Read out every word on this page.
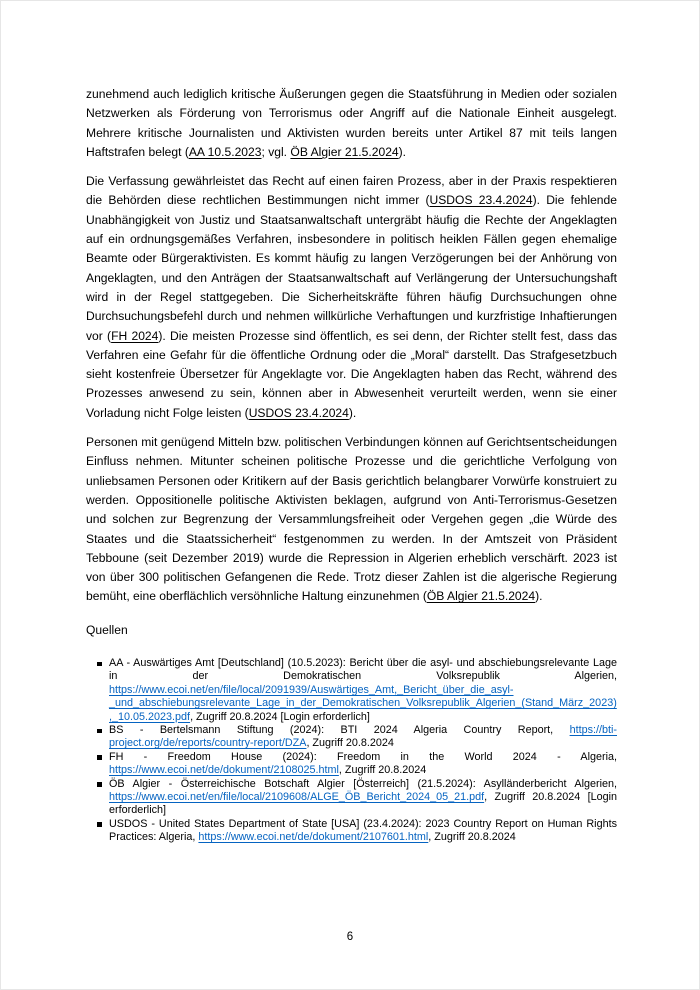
zunehmend auch lediglich kritische Äußerungen gegen die Staatsführung in Medien oder sozialen Netzwerken als Förderung von Terrorismus oder Angriff auf die Nationale Einheit ausgelegt. Mehrere kritische Journalisten und Aktivisten wurden bereits unter Artikel 87 mit teils langen Haftstrafen belegt (AA 10.5.2023; vgl. ÖB Algier 21.5.2024).

Die Verfassung gewährleistet das Recht auf einen fairen Prozess, aber in der Praxis respektieren die Behörden diese rechtlichen Bestimmungen nicht immer (USDOS 23.4.2024). Die fehlende Unabhängigkeit von Justiz und Staatsanwaltschaft untergräbt häufig die Rechte der Angeklagten auf ein ordnungsgemäßes Verfahren, insbesondere in politisch heiklen Fällen gegen ehemalige Beamte oder Bürgeraktivisten. Es kommt häufig zu langen Verzögerungen bei der Anhörung von Angeklagten, und den Anträgen der Staatsanwaltschaft auf Verlängerung der Untersuchungshaft wird in der Regel stattgegeben. Die Sicherheitskräfte führen häufig Durchsuchungen ohne Durchsuchungsbefehl durch und nehmen willkürliche Verhaftungen und kurzfristige Inhaftierungen vor (FH 2024). Die meisten Prozesse sind öffentlich, es sei denn, der Richter stellt fest, dass das Verfahren eine Gefahr für die öffentliche Ordnung oder die „Moral“ darstellt. Das Strafgesetzbuch sieht kostenfreie Übersetzer für Angeklagte vor. Die Angeklagten haben das Recht, während des Prozesses anwesend zu sein, können aber in Abwesenheit verurteilt werden, wenn sie einer Vorladung nicht Folge leisten (USDOS 23.4.2024).

Personen mit genügend Mitteln bzw. politischen Verbindungen können auf Gerichtsentscheidungen Einfluss nehmen. Mitunter scheinen politische Prozesse und die gerichtliche Verfolgung von unliebsamen Personen oder Kritikern auf der Basis gerichtlich belangbarer Vorwürfe konstruiert zu werden. Oppositionelle politische Aktivisten beklagen, aufgrund von Anti-Terrorismus-Gesetzen und solchen zur Begrenzung der Versammlungsfreiheit oder Vergehen gegen „die Würde des Staates und die Staatssicherheit“ festgenommen zu werden. In der Amtszeit von Präsident Tebboune (seit Dezember 2019) wurde die Repression in Algerien erheblich verschärft. 2023 ist von über 300 politischen Gefangenen die Rede. Trotz dieser Zahlen ist die algerische Regierung bemüht, eine oberflächlich versöhnliche Haltung einzunehmen (ÖB Algier 21.5.2024).

Quellen

AA - Auswärtiges Amt [Deutschland] (10.5.2023): Bericht über die asyl- und abschiebungsrelevante Lage in der Demokratischen Volksrepublik Algerien, https://www.ecoi.net/en/file/local/2091939/Auswärtiges_Amt,_Bericht_über_die_asyl-_und_abschiebungsrelevante_Lage_in_der_Demokratischen_Volksrepublik_Algerien_(Stand_März_2023),_10.05.2023.pdf, Zugriff 20.8.2024 [Login erforderlich]
BS - Bertelsmann Stiftung (2024): BTI 2024 Algeria Country Report, https://bti-project.org/de/reports/country-report/DZA, Zugriff 20.8.2024
FH - Freedom House (2024): Freedom in the World 2024 - Algeria, https://www.ecoi.net/de/dokument/2108025.html, Zugriff 20.8.2024
ÖB Algier - Österreichische Botschaft Algier [Österreich] (21.5.2024): Asylländerbericht Algerien, https://www.ecoi.net/en/file/local/2109608/ALGE_ÖB_Bericht_2024_05_21.pdf, Zugriff 20.8.2024 [Login erforderlich]
USDOS - United States Department of State [USA] (23.4.2024): 2023 Country Report on Human Rights Practices: Algeria, https://www.ecoi.net/de/dokument/2107601.html, Zugriff 20.8.2024
6
